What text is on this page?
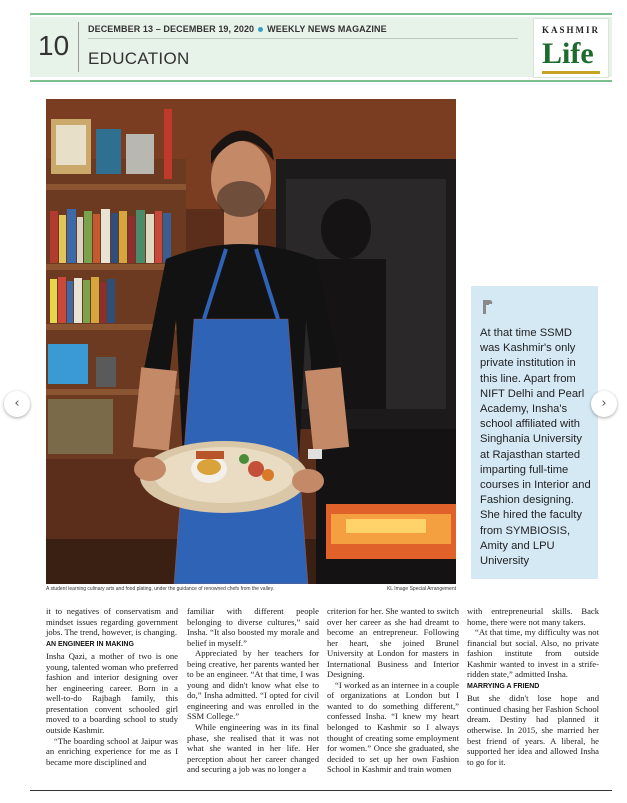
10
DECEMBER 13 – DECEMBER 19, 2020 WEEKLY NEWS MAGAZINE
EDUCATION
KASHMIR
Life
A student learning culinary arts and food plating, under the guidance of renowned chefs from the valley.	KL Image Special Arrangement
At that time SSMD was Kashmir's only private institution in this line. Apart from NIFT Delhi and Pearl Academy, Insha's school affiliated with Singhania University at Rajasthan started imparting full-time courses in Interior and Fashion designing. She hired the faculty from SYMBIOSIS, Amity and LPU University
‹	›

it to negatives of conservatism and mindset issues regarding government jobs. The trend, however, is changing.

AN ENGINEER IN MAKING

Insha Qazi, a mother of two is one young, talented woman who preferred fashion and interior designing over her engineering career. Born in a well-to-do Rajbagh family, this presentation convent schooled girl moved to a boarding school to study outside Kashmir.

“The boarding school at Jaipur was an enriching experience for me as I became more disciplined and

familiar with different people belonging to diverse cultures,” said Insha. “It also boosted my morale and belief in myself.”

Appreciated by her teachers for being creative, her parents wanted her to be an engineer. “At that time, I was young and didn't know what else to do,” Insha admitted. “I opted for civil engineering and was enrolled in the SSM College.”

While engineering was in its final phase, she realised that it was not what she wanted in her life. Her perception about her career changed and securing a job was no longer a

criterion for her. She wanted to switch over her career as she had dreamt to become an entrepreneur. Following her heart, she joined Brunel University at London for masters in International Business and Interior Designing.

“I worked as an internee in a couple of organizations at London but I wanted to do something different,” confessed Insha. “I knew my heart belonged to Kashmir so I always thought of creating some employment for women.” Once she graduated, she decided to set up her own Fashion School in Kashmir and train women

with entrepreneurial skills. Back home, there were not many takers.

“At that time, my difficulty was not financial but social. Also, no private fashion institute from outside Kashmir wanted to invest in a strife-ridden state,” admitted Insha.

MARRYING A FRIEND

But she didn't lose hope and continued chasing her Fashion School dream. Destiny had planned it otherwise. In 2015, she married her best friend of years. A liberal, he supported her idea and allowed Insha to go for it.
